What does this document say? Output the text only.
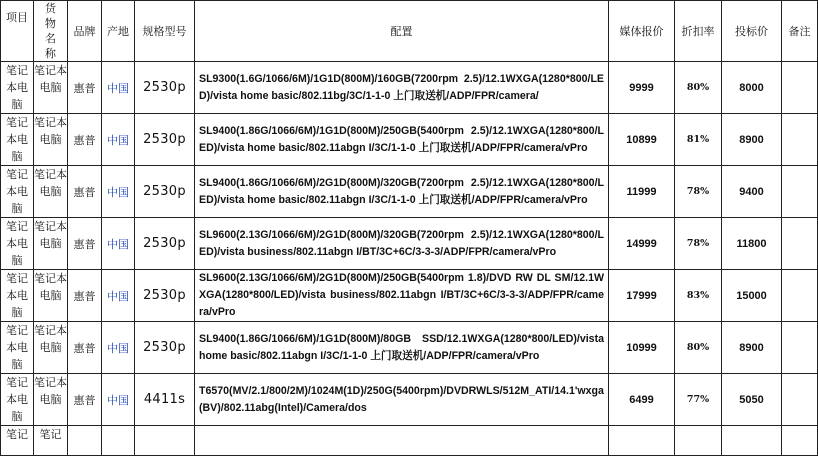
项目	货物名称	品牌	产地	规格型号	配置	媒体报价	折扣率	投标价	备注
笔记本电脑	笔记本电脑	惠普	中国	2530p	SL9300(1.6G/1066/6M)/1G1D(800M)/160GB(7200rpm 2.5)/12.1WXGA(1280*800/LED)/vista home basic/802.11bg/3C/1-1-0 上门取送机/ADP/FPR/camera/	9999	80%	8000	
笔记本电脑	笔记本电脑	惠普	中国	2530p	SL9400(1.86G/1066/6M)/1G1D(800M)/250GB(5400rpm 2.5)/12.1WXGA(1280*800/LED)/vista home basic/802.11abgn I/3C/1-1-0 上门取送机/ADP/FPR/camera/vPro	10899	81%	8900	
笔记本电脑	笔记本电脑	惠普	中国	2530p	SL9400(1.86G/1066/6M)/2G1D(800M)/320GB(7200rpm 2.5)/12.1WXGA(1280*800/LED)/vista home basic/802.11abgn I/3C/1-1-0 上门取送机/ADP/FPR/camera/vPro	11999	78%	9400	
笔记本电脑	笔记本电脑	惠普	中国	2530p	SL9600(2.13G/1066/6M)/2G1D(800M)/320GB(7200rpm 2.5)/12.1WXGA(1280*800/LED)/vista business/802.11abgn I/BT/3C+6C/3-3-3/ADP/FPR/camera/vPro	14999	78%	11800	
笔记本电脑	笔记本电脑	惠普	中国	2530p	SL9600(2.13G/1066/6M)/2G1D(800M)/250GB(5400rpm 1.8)/DVD RW DL SM/12.1WXGA(1280*800/LED)/vista business/802.11abgn I/BT/3C+6C/3-3-3/ADP/FPR/camera/vPro	17999	83%	15000	
笔记本电脑	笔记本电脑	惠普	中国	2530p	SL9400(1.86G/1066/6M)/1G1D(800M)/80GB SSD/12.1WXGA(1280*800/LED)/vista home basic/802.11abgn I/3C/1-1-0 上门取送机/ADP/FPR/camera/vPro	10999	80%	8900	
笔记本电脑	笔记本电脑	惠普	中国	4411s	T6570(MV/2.1/800/2M)/1024M(1D)/250G(5400rpm)/DVDRWLS/512M_ATI/14.1'wxga(BV)/802.11abg(Intel)/Camera/dos	6499	77%	5050	
笔记	笔记								
